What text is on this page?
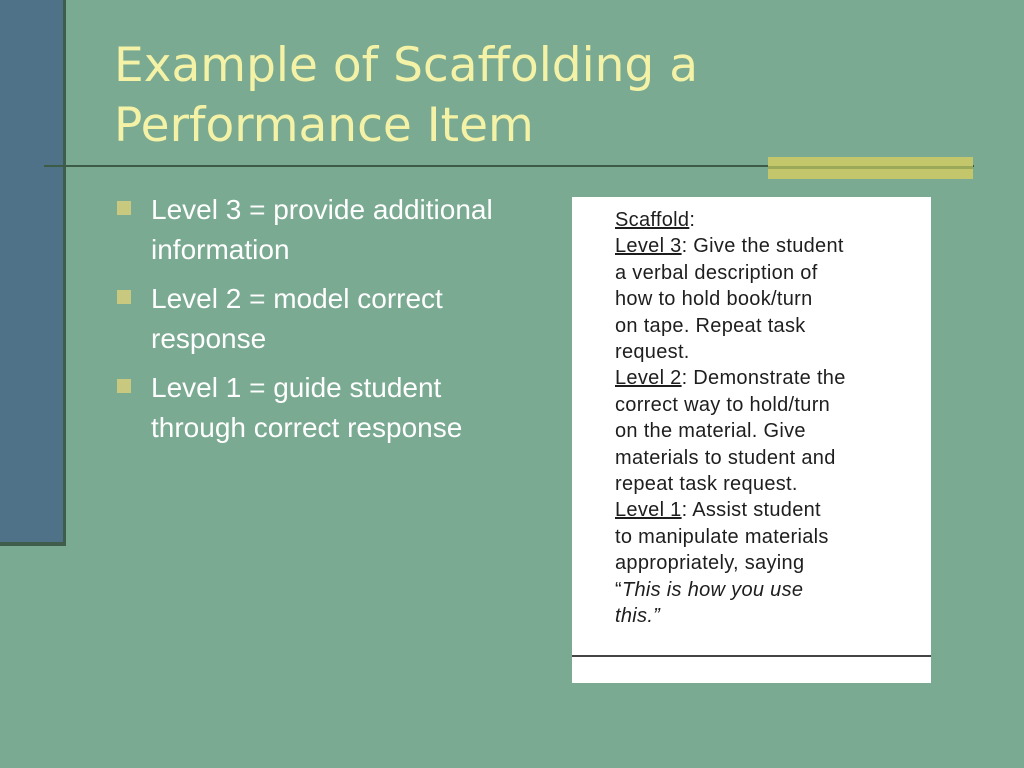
Example of Scaffolding a
Performance Item
Level 3 = provide additional information
Level 2 = model correct response
Level 1 = guide student through correct response
Scaffold:
Level 3: Give the student
a verbal description of
how to hold book/turn
on tape. Repeat task
request.
Level 2: Demonstrate the
correct way to hold/turn
on the material. Give
materials to student and
repeat task request.
Level 1: Assist student
to manipulate materials
appropriately, saying
“This is how you use
this.”
